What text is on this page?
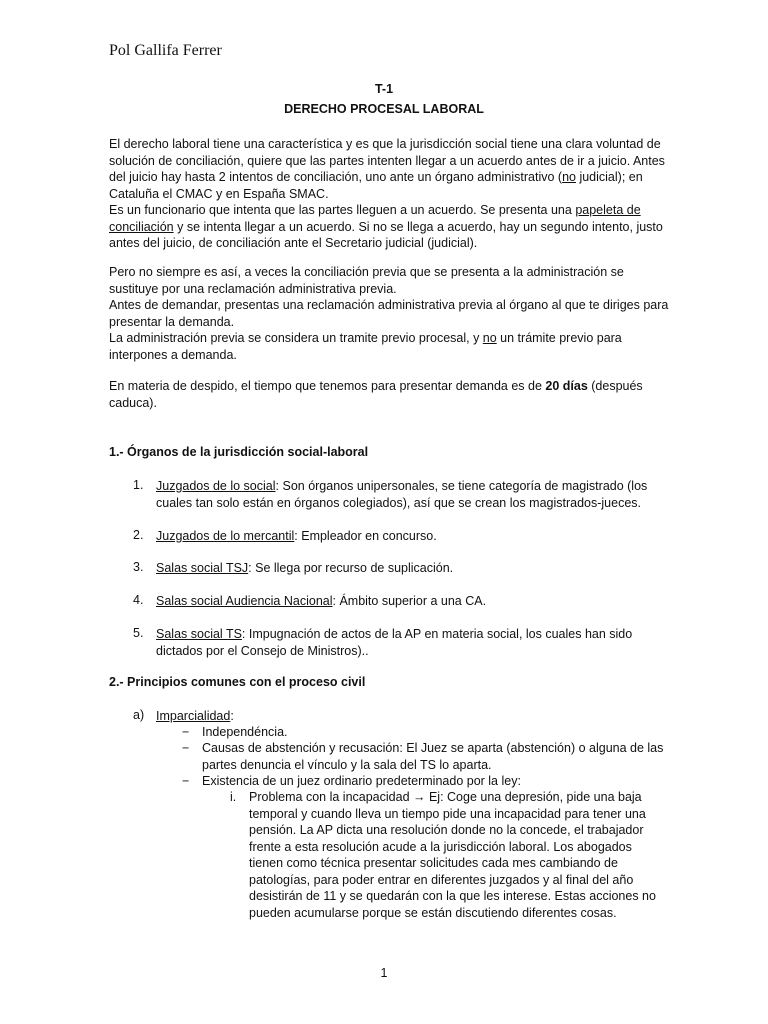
Pol Gallifa Ferrer
T-1
DERECHO PROCESAL LABORAL

El derecho laboral tiene una característica y es que la jurisdicción social tiene una clara voluntad de solución de conciliación, quiere que las partes intenten llegar a un acuerdo antes de ir a juicio. Antes del juicio hay hasta 2 intentos de conciliación, uno ante un órgano administrativo (no judicial); en Cataluña el CMAC y en España SMAC.

Es un funcionario que intenta que las partes lleguen a un acuerdo. Se presenta una papeleta de conciliación y se intenta llegar a un acuerdo. Si no se llega a acuerdo, hay un segundo intento, justo antes del juicio, de conciliación ante el Secretario judicial (judicial).

Pero no siempre es así, a veces la conciliación previa que se presenta a la administración se sustituye por una reclamación administrativa previa.

Antes de demandar, presentas una reclamación administrativa previa al órgano al que te diriges para presentar la demanda.

La administración previa se considera un tramite previo procesal, y no un trámite previo para interpones a demanda.

En materia de despido, el tiempo que tenemos para presentar demanda es de 20 días (después caduca).

1.- Órganos de la jurisdicción social-laboral
1. Juzgados de lo social: Son órganos unipersonales, se tiene categoría de magistrado (los cuales tan solo están en órganos colegiados), así que se crean los magistrados-jueces.
2. Juzgados de lo mercantil: Empleador en concurso.
3. Salas social TSJ: Se llega por recurso de suplicación.
4. Salas social Audiencia Nacional: Ámbito superior a una CA.
5. Salas social TS: Impugnación de actos de la AP en materia social, los cuales han sido dictados por el Consejo de Ministros)..
2.- Principios comunes con el proceso civil
a) Imparcialidad:
− Independéncia.
− Causas de abstención y recusación: El Juez se aparta (abstención) o alguna de las partes denuncia el vínculo y la sala del TS lo aparta.
− Existencia de un juez ordinario predeterminado por la ley:
i. Problema con la incapacidad → Ej: Coge una depresión, pide una baja temporal y cuando lleva un tiempo pide una incapacidad para tener una pensión. La AP dicta una resolución donde no la concede, el trabajador frente a esta resolución acude a la jurisdicción laboral. Los abogados tienen como técnica presentar solicitudes cada mes cambiando de patologías, para poder entrar en diferentes juzgados y al final del año desistirán de 11 y se quedarán con la que les interese. Estas acciones no pueden acumularse porque se están discutiendo diferentes cosas.
1
